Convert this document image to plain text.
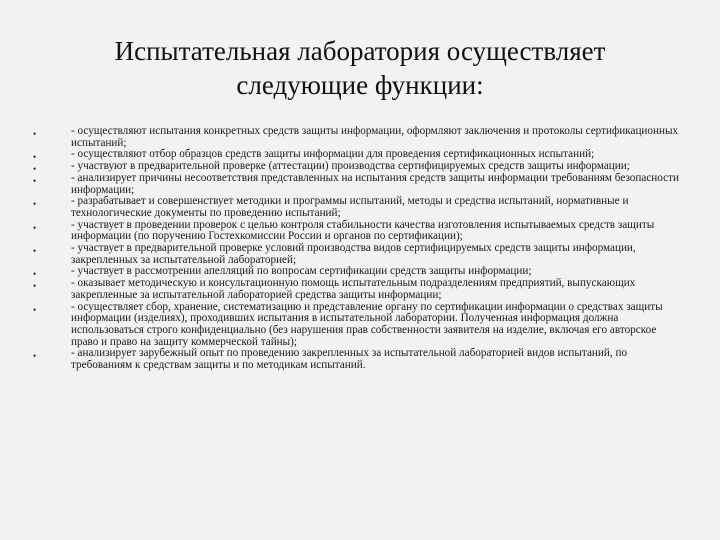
Испытательная лаборатория осуществляет
следующие функции:
•	- осуществляют испытания конкретных средств защиты информации, оформляют заключения и протоколы сертификационных испытаний;
•	- осуществляют отбор образцов средств защиты информации для проведения сертификационных испытаний;
•	- участвуют в предварительной проверке (аттестации) производства сертифицируемых средств защиты информации;
•	- анализирует причины несоответствия представленных на испытания средств защиты информации требованиям безопасности информации;
•	- разрабатывает и совершенствует методики и программы испытаний, методы и средства испытаний, нормативные и технологические документы по проведению испытаний;
•	- участвует в проведении проверок с целью контроля стабильности качества изготовления испытываемых средств защиты информации (по поручению Гостехкомиссии России и органов по сертификации);
•	- участвует в предварительной проверке условий производства видов сертифицируемых средств защиты информации, закрепленных за испытательной лабораторией;
•	- участвует в рассмотрении апелляций по вопросам сертификации средств защиты информации;
•	- оказывает методическую и консультационную помощь испытательным подразделениям предприятий, выпускающих закрепленные за испытательной лабораторией средства защиты информации;
•	- осуществляет сбор, хранение, систематизацию и представление органу по сертификации информации о средствах защиты информации (изделиях), проходивших испытания в испытательной лаборатории. Полученная информация должна использоваться строго конфиденциально (без нарушения прав собственности заявителя на изделие, включая его авторское право и право на защиту коммерческой тайны);
•	- анализирует зарубежный опыт по проведению закрепленных за испытательной лабораторией видов испытаний, по требованиям к средствам защиты и по методикам испытаний.
